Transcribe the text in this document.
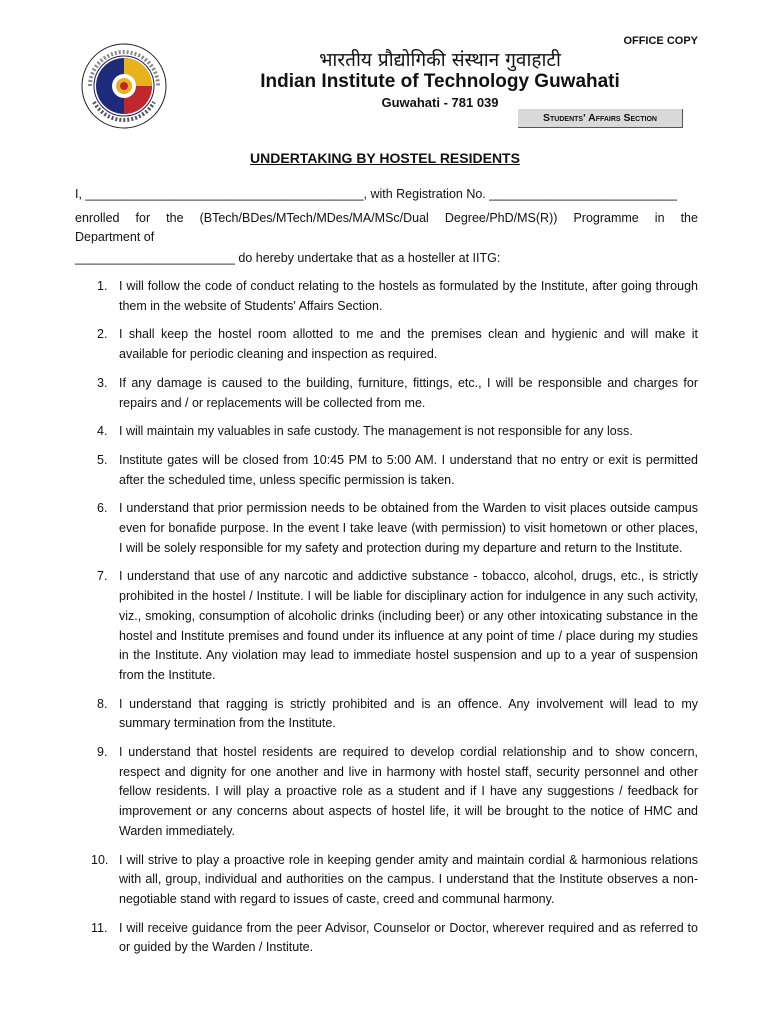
OFFICE COPY
भारतीय प्रौद्योगिकी संस्थान गुवाहाटी
Indian Institute of Technology Guwahati
Guwahati - 781 039
Students' Affairs Section
UNDERTAKING BY HOSTEL RESIDENTS
I, ________________________________________, with Registration No. ___________________________
enrolled for the (BTech/BDes/MTech/MDes/MA/MSc/Dual Degree/PhD/MS(R)) Programme in the
Department of
_______________________ do hereby undertake that as a hosteller at IITG:
1. I will follow the code of conduct relating to the hostels as formulated by the Institute, after going through them in the website of Students' Affairs Section.
2. I shall keep the hostel room allotted to me and the premises clean and hygienic and will make it available for periodic cleaning and inspection as required.
3. If any damage is caused to the building, furniture, fittings, etc., I will be responsible and charges for repairs and / or replacements will be collected from me.
4. I will maintain my valuables in safe custody. The management is not responsible for any loss.
5. Institute gates will be closed from 10:45 PM to 5:00 AM. I understand that no entry or exit is permitted after the scheduled time, unless specific permission is taken.
6. I understand that prior permission needs to be obtained from the Warden to visit places outside campus even for bonafide purpose. In the event I take leave (with permission) to visit hometown or other places, I will be solely responsible for my safety and protection during my departure and return to the Institute.
7. I understand that use of any narcotic and addictive substance - tobacco, alcohol, drugs, etc., is strictly prohibited in the hostel / Institute. I will be liable for disciplinary action for indulgence in any such activity, viz., smoking, consumption of alcoholic drinks (including beer) or any other intoxicating substance in the hostel and Institute premises and found under its influence at any point of time / place during my studies in the Institute. Any violation may lead to immediate hostel suspension and up to a year of suspension from the Institute.
8. I understand that ragging is strictly prohibited and is an offence. Any involvement will lead to my summary termination from the Institute.
9. I understand that hostel residents are required to develop cordial relationship and to show concern, respect and dignity for one another and live in harmony with hostel staff, security personnel and other fellow residents. I will play a proactive role as a student and if I have any suggestions / feedback for improvement or any concerns about aspects of hostel life, it will be brought to the notice of HMC and Warden immediately.
10. I will strive to play a proactive role in keeping gender amity and maintain cordial & harmonious relations with all, group, individual and authorities on the campus. I understand that the Institute observes a non-negotiable stand with regard to issues of caste, creed and communal harmony.
11. I will receive guidance from the peer Advisor, Counselor or Doctor, wherever required and as referred to or guided by the Warden / Institute.
